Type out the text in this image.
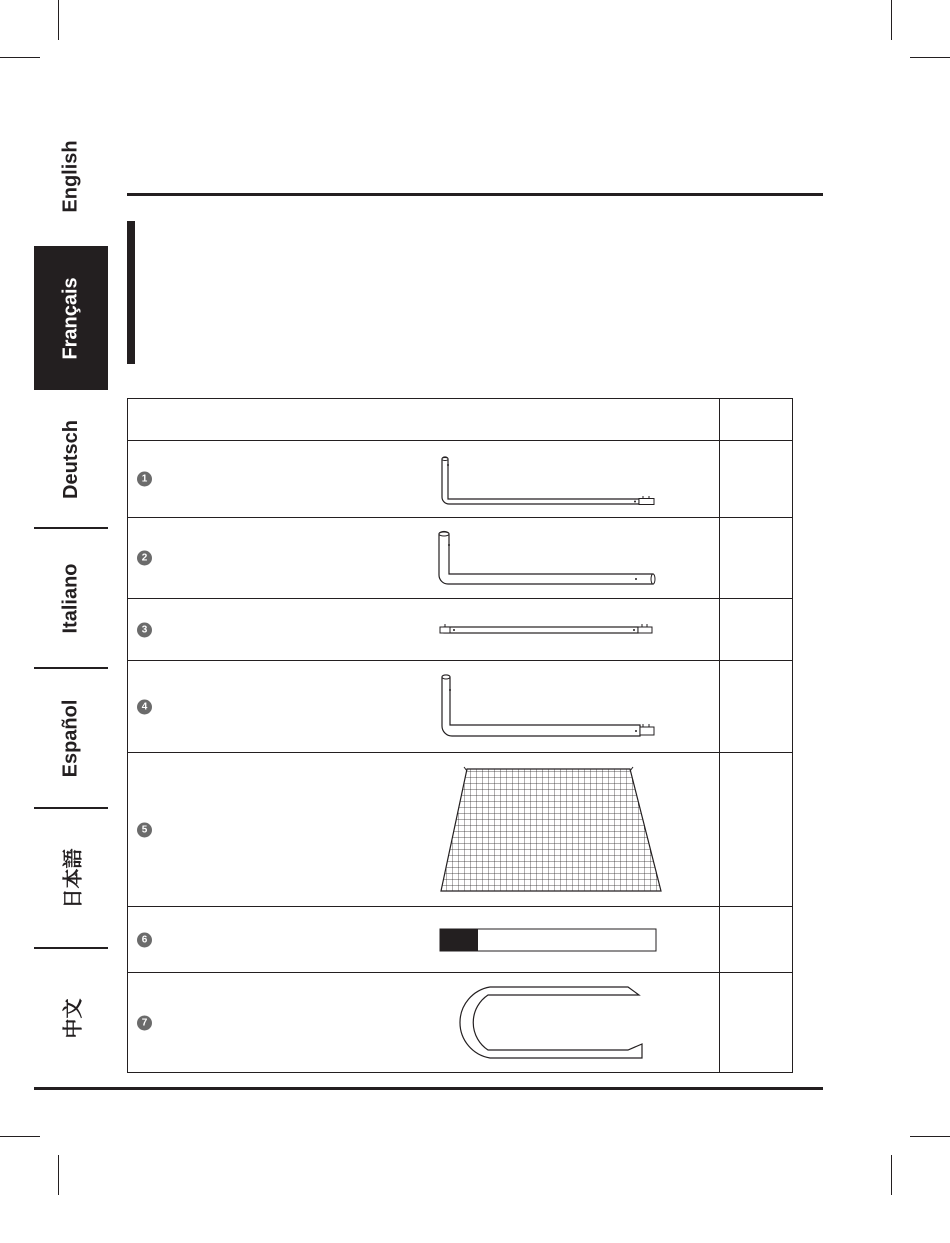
English
Français
Deutsch
Italiano
Español
日本語
中文

1	

2	

3	

4	

5	

6	

7	
